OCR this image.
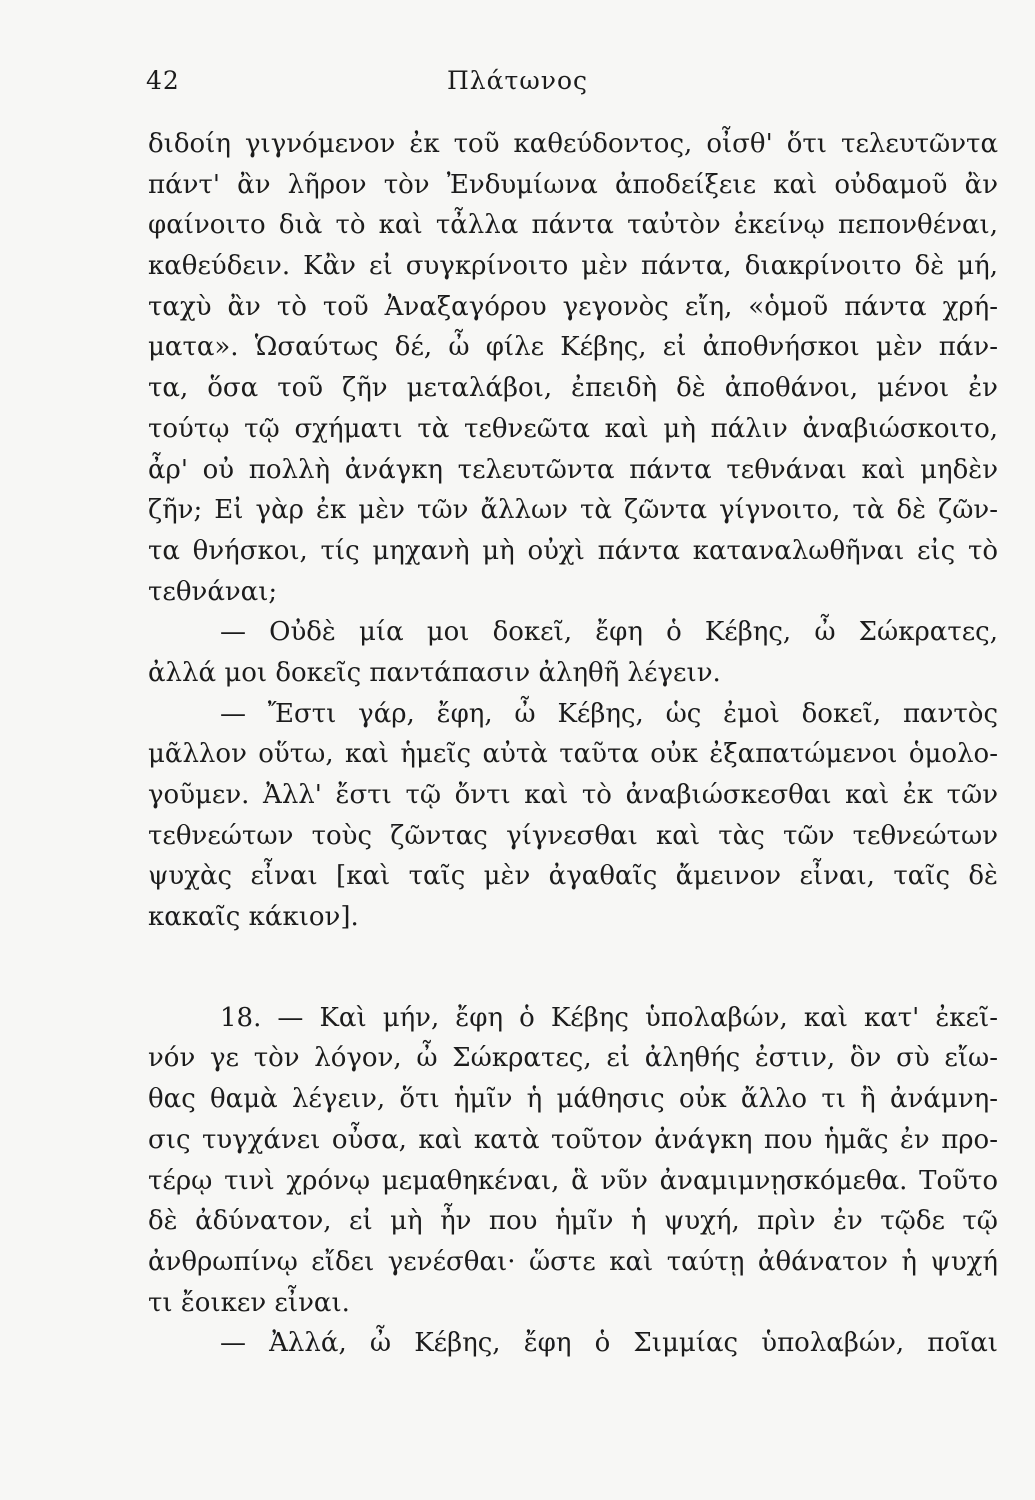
42	Πλάτωνος
διδοίη γιγνόμενον ἐκ τοῦ καθεύδοντος, οἶσθ' ὅτι τελευτῶντα
πάντ' ἂν λῆρον τὸν Ἐνδυμίωνα ἀποδείξειε καὶ οὐδαμοῦ ἂν
φαίνοιτο διὰ τὸ καὶ τἆλλα πάντα ταὐτὸν ἐκείνῳ πεπονθέναι,
καθεύδειν. Κἂν εἰ συγκρίνοιτο μὲν πάντα, διακρίνοιτο δὲ μή,
ταχὺ ἂν τὸ τοῦ Ἀναξαγόρου γεγονὸς εἴη, «ὁμοῦ πάντα χρή-
ματα». Ὡσαύτως δέ, ὦ φίλε Κέβης, εἰ ἀποθνήσκοι μὲν πάν-
τα, ὅσα τοῦ ζῆν μεταλάβοι, ἐπειδὴ δὲ ἀποθάνοι, μένοι ἐν
τούτῳ τῷ σχήματι τὰ τεθνεῶτα καὶ μὴ πάλιν ἀναβιώσκοιτο,
ἆρ' οὐ πολλὴ ἀνάγκη τελευτῶντα πάντα τεθνάναι καὶ μηδὲν
ζῆν; Εἰ γὰρ ἐκ μὲν τῶν ἄλλων τὰ ζῶντα γίγνοιτο, τὰ δὲ ζῶν-
τα θνήσκοι, τίς μηχανὴ μὴ οὐχὶ πάντα καταναλωθῆναι εἰς τὸ
τεθνάναι;
— Οὐδὲ μία μοι δοκεῖ, ἔφη ὁ Κέβης, ὦ Σώκρατες,
ἀλλά μοι δοκεῖς παντάπασιν ἀληθῆ λέγειν.
— Ἔστι γάρ, ἔφη, ὦ Κέβης, ὡς ἐμοὶ δοκεῖ, παντὸς
μᾶλλον οὕτω, καὶ ἡμεῖς αὐτὰ ταῦτα οὐκ ἐξαπατώμενοι ὁμολο-
γοῦμεν. Ἀλλ' ἔστι τῷ ὄντι καὶ τὸ ἀναβιώσκεσθαι καὶ ἐκ τῶν
τεθνεώτων τοὺς ζῶντας γίγνεσθαι καὶ τὰς τῶν τεθνεώτων
ψυχὰς εἶναι [καὶ ταῖς μὲν ἀγαθαῖς ἄμεινον εἶναι, ταῖς δὲ
κακαῖς κάκιον].
18. — Καὶ μήν, ἔφη ὁ Κέβης ὑπολαβών, καὶ κατ' ἐκεῖ-
νόν γε τὸν λόγον, ὦ Σώκρατες, εἰ ἀληθής ἐστιν, ὃν σὺ εἴω-
θας θαμὰ λέγειν, ὅτι ἡμῖν ἡ μάθησις οὐκ ἄλλο τι ἢ ἀνάμνη-
σις τυγχάνει οὖσα, καὶ κατὰ τοῦτον ἀνάγκη που ἡμᾶς ἐν προ-
τέρῳ τινὶ χρόνῳ μεμαθηκέναι, ἃ νῦν ἀναμιμνῃσκόμεθα. Τοῦτο
δὲ ἀδύνατον, εἰ μὴ ἦν που ἡμῖν ἡ ψυχή, πρὶν ἐν τῷδε τῷ
ἀνθρωπίνῳ εἴδει γενέσθαι· ὥστε καὶ ταύτῃ ἀθάνατον ἡ ψυχή
τι ἔοικεν εἶναι.
— Ἀλλά, ὦ Κέβης, ἔφη ὁ Σιμμίας ὑπολαβών, ποῖαι
